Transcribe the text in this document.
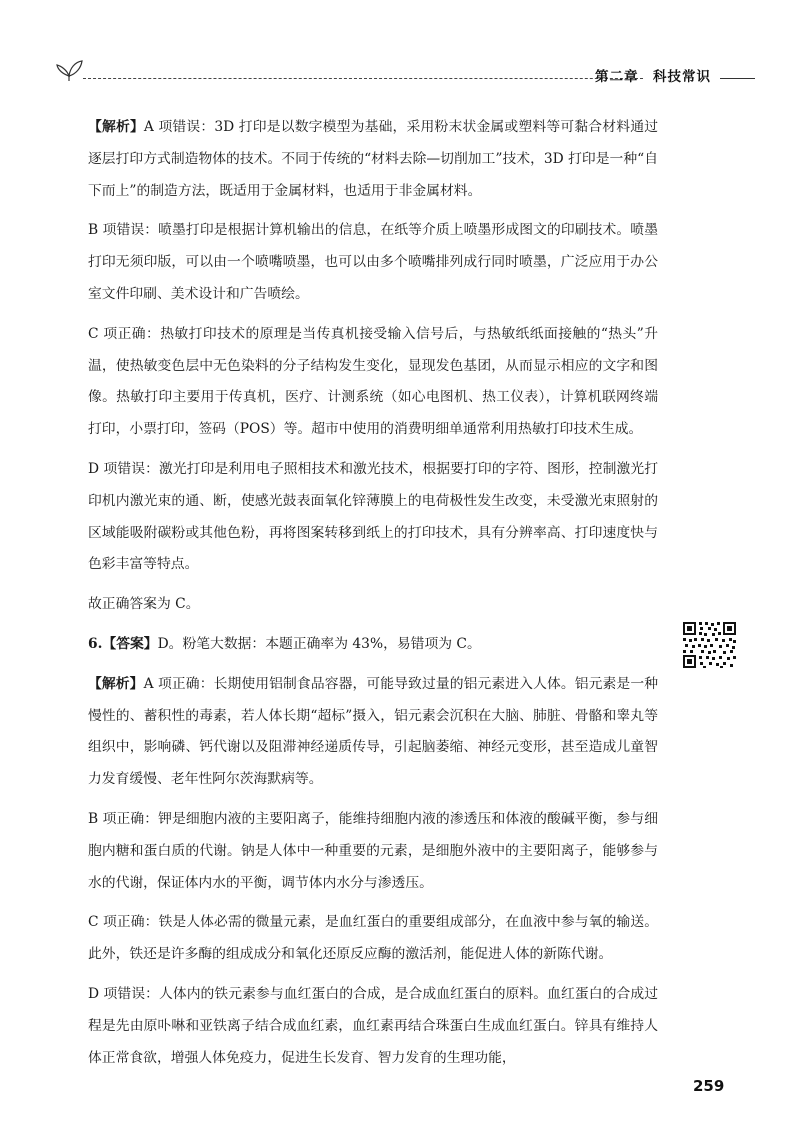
第二章　科技常识

【解析】A 项错误：3D 打印是以数字模型为基础，采用粉末状金属或塑料等可黏合材料通过逐层打印方式制造物体的技术。不同于传统的“材料去除—切削加工”技术，3D 打印是一种“自下而上”的制造方法，既适用于金属材料，也适用于非金属材料。

B 项错误：喷墨打印是根据计算机输出的信息，在纸等介质上喷墨形成图文的印刷技术。喷墨打印无须印版，可以由一个喷嘴喷墨，也可以由多个喷嘴排列成行同时喷墨，广泛应用于办公室文件印刷、美术设计和广告喷绘。

C 项正确：热敏打印技术的原理是当传真机接受输入信号后，与热敏纸纸面接触的“热头”升温，使热敏变色层中无色染料的分子结构发生变化，显现发色基团，从而显示相应的文字和图像。热敏打印主要用于传真机，医疗、计测系统（如心电图机、热工仪表），计算机联网终端打印，小票打印，签码（POS）等。超市中使用的消费明细单通常利用热敏打印技术生成。

D 项错误：激光打印是利用电子照相技术和激光技术，根据要打印的字符、图形，控制激光打印机内激光束的通、断，使感光鼓表面氧化锌薄膜上的电荷极性发生改变，未受激光束照射的区域能吸附碳粉或其他色粉，再将图案转移到纸上的打印技术，具有分辨率高、打印速度快与色彩丰富等特点。

故正确答案为 C。

6.【答案】D。粉笔大数据：本题正确率为 43%，易错项为 C。

【解析】A 项正确：长期使用铝制食品容器，可能导致过量的铝元素进入人体。铝元素是一种慢性的、蓄积性的毒素，若人体长期“超标”摄入，铝元素会沉积在大脑、肺脏、骨骼和睾丸等组织中，影响磷、钙代谢以及阻滞神经递质传导，引起脑萎缩、神经元变形，甚至造成儿童智力发育缓慢、老年性阿尔茨海默病等。

B 项正确：钾是细胞内液的主要阳离子，能维持细胞内液的渗透压和体液的酸碱平衡，参与细胞内糖和蛋白质的代谢。钠是人体中一种重要的元素，是细胞外液中的主要阳离子，能够参与水的代谢，保证体内水的平衡，调节体内水分与渗透压。

C 项正确：铁是人体必需的微量元素，是血红蛋白的重要组成部分，在血液中参与氧的输送。此外，铁还是许多酶的组成成分和氧化还原反应酶的激活剂，能促进人体的新陈代谢。

D 项错误：人体内的铁元素参与血红蛋白的合成，是合成血红蛋白的原料。血红蛋白的合成过程是先由原卟啉和亚铁离子结合成血红素，血红素再结合珠蛋白生成血红蛋白。锌具有维持人体正常食欲，增强人体免疫力，促进生长发育、智力发育的生理功能，

259
